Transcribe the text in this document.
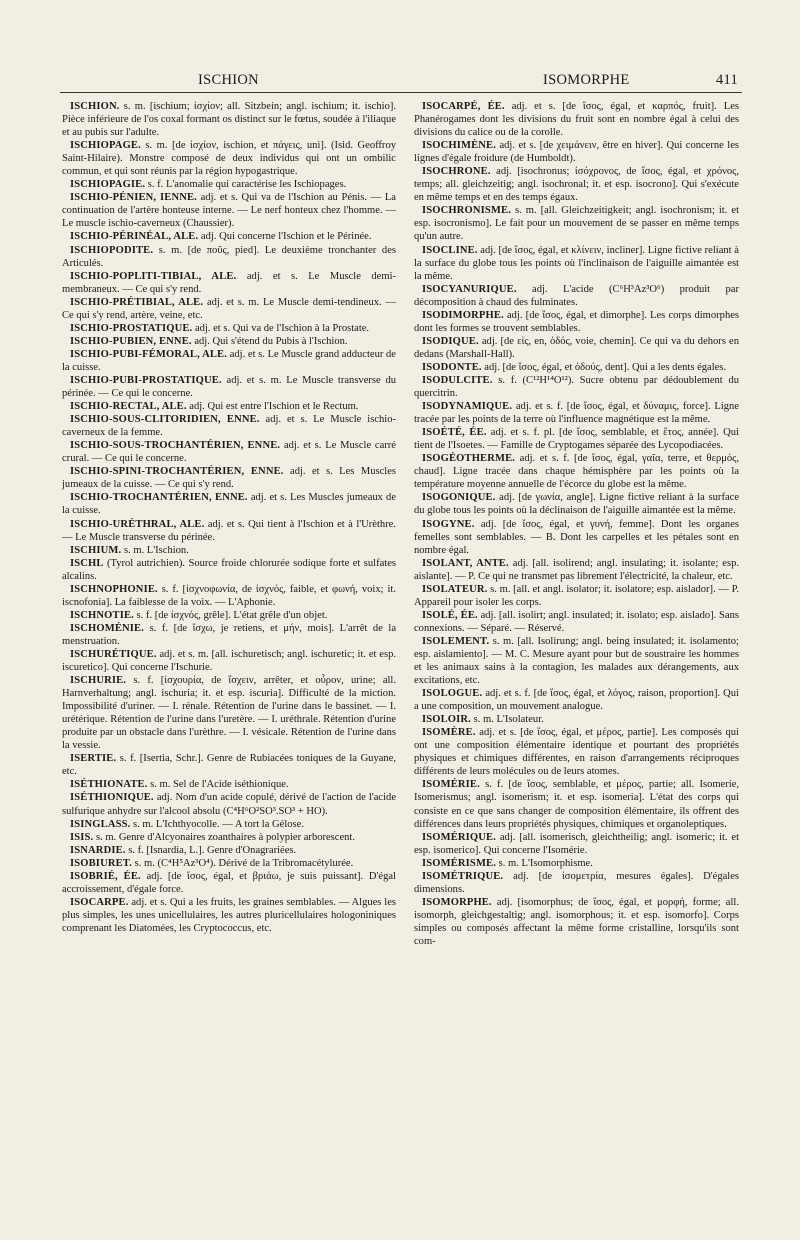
ISCHION	ISOMORPHE	411

ISCHION. s. m. [ischium; ἰσχίον; all. Sitzbein; angl. ischium; it. ischio]. Pièce inférieure de l'os coxal formant os distinct sur le fœtus, soudée à l'iliaque et au pubis sur l'adulte.

ISCHIOPAGE. s. m. [de ἰσχίον, ischion, et πάγεις, uni]. (Isid. Geoffroy Saint-Hilaire). Monstre composé de deux individus qui ont un ombilic commun, et qui sont réunis par la région hypogastrique.

ISCHIOPAGIE. s. f. L'anomalie qui caractérise les Ischiopages.

ISCHIO-PÉNIEN, IENNE. adj. et s. Qui va de l'Ischion au Pénis. — La continuation de l'artère honteuse interne. — Le nerf honteux chez l'homme. — Le muscle ischio-caverneux (Chaussier).

ISCHIO-PÉRINÉAL, ALE. adj. Qui concerne l'Ischion et le Périnée.

ISCHIOPODITE. s. m. [de ποῦς, pied]. Le deuxième tronchanter des Articulés.

ISCHIO-POPLITI-TIBIAL, ALE. adj. et s. Le Muscle demi-membraneux. — Ce qui s'y rend.

ISCHIO-PRÉTIBIAL, ALE. adj. et s. m. Le Muscle demi-tendineux. — Ce qui s'y rend, artère, veine, etc.

ISCHIO-PROSTATIQUE. adj. et s. Qui va de l'Ischion à la Prostate.

ISCHIO-PUBIEN, ENNE. adj. Qui s'étend du Pubis à l'Ischion.

ISCHIO-PUBI-FÉMORAL, ALE. adj. et s. Le Muscle grand adducteur de la cuisse.

ISCHIO-PUBI-PROSTATIQUE. adj. et s. m. Le Muscle transverse du périnée. — Ce qui le concerne.

ISCHIO-RECTAL, ALE. adj. Qui est entre l'Ischion et le Rectum.

ISCHIO-SOUS-CLITORIDIEN, ENNE. adj. et s. Le Muscle ischio-caverneux de la femme.

ISCHIO-SOUS-TROCHANTÉRIEN, ENNE. adj. et s. Le Muscle carré crural. — Ce qui le concerne.

ISCHIO-SPINI-TROCHANTÉRIEN, ENNE. adj. et s. Les Muscles jumeaux de la cuisse. — Ce qui s'y rend.

ISCHIO-TROCHANTÉRIEN, ENNE. adj. et s. Les Muscles jumeaux de la cuisse.

ISCHIO-URÉTHRAL, ALE. adj. et s. Qui tient à l'Ischion et à l'Urèthre. — Le Muscle transverse du périnée.

ISCHIUM. s. m. L'Ischion.

ISCHL (Tyrol autrichien). Source froide chlorurée sodique forte et sulfates alcalins.

ISCHNOPHONIE. s. f. [ἰσχνοφωνία, de ἰσχνός, faible, et φωνή, voix; it. iscnofonia]. La faiblesse de la voix. — L'Aphonie.

ISCHNOTIE. s. f. [de ἰσχνός, grêle]. L'état grêle d'un objet.

ISCHOMÉNIE. s. f. [de ἴσχω, je retiens, et μήν, mois]. L'arrêt de la menstruation.

ISCHURÉTIQUE. adj. et s. m. [all. ischuretisch; angl. ischuretic; it. et esp. iscuretico]. Qui concerne l'Ischurie.

ISCHURIE. s. f. [ἰσχουρία, de ἴσχειν, arrêter, et οὖρον, urine; all. Harnverhaltung; angl. ischuria; it. et esp. iscuria]. Difficulté de la miction. Impossibilité d'uriner. — I. rénale. Rétention de l'urine dans le bassinet. — I. urétérique. Rétention de l'urine dans l'uretère. — I. uréthrale. Rétention d'urine produite par un obstacle dans l'urèthre. — I. vésicale. Rétention de l'urine dans la vessie.

ISERTIE. s. f. [Isertia, Schr.]. Genre de Rubiacées toniques de la Guyane, etc.

ISÉTHIONATE. s. m. Sel de l'Acide iséthionique.

ISÉTHIONIQUE. adj. Nom d'un acide copulé, dérivé de l'action de l'acide sulfurique anhydre sur l'alcool absolu (C⁴H⁶O²SO³.SO³ + HO).

ISINGLASS. s. m. L'Ichthyocolle. — A tort la Gélose.

ISIS. s. m. Genre d'Alcyonaires zoanthaires à polypier arborescent.

ISNARDIE. s. f. [Isnardia, L.]. Genre d'Onagrariées.

ISOBIURET. s. m. (C⁴H⁵Az³O⁴). Dérivé de la Tribromacétylurée.

ISOBRIÉ, ÉE. adj. [de ἴσος, égal, et βριάω, je suis puissant]. D'égal accroissement, d'égale force.

ISOCARPE. adj. et s. Qui a les fruits, les graines semblables. — Algues les plus simples, les unes unicellulaires, les autres pluricellulaires hologoniniques comprenant les Diatomées, les Cryptococcus, etc.

ISOCARPÉ, ÉE. adj. et s. [de ἴσος, égal, et καρπός, fruit]. Les Phanérogames dont les divisions du fruit sont en nombre égal à celui des divisions du calice ou de la corolle.

ISOCHIMÈNE. adj. et s. [de χειμάνειν, être en hiver]. Qui concerne les lignes d'égale froidure (de Humboldt).

ISOCHRONE. adj. [isochronus; ἰσόχρονος, de ἴσος, égal, et χρόνος, temps; all. gleichzeitig; angl. isochronal; it. et esp. isocrono]. Qui s'exécute en même temps et en des temps égaux.

ISOCHRONISME. s. m. [all. Gleichzeitigkeit; angl. isochronism; it. et esp. isocronismo]. Le fait pour un mouvement de se passer en même temps qu'un autre.

ISOCLINE. adj. [de ἴσος, égal, et κλίνειν, incliner]. Ligne fictive reliant à la surface du globe tous les points où l'inclinaison de l'aiguille aimantée est la même.

ISOCYANURIQUE. adj. L'acide (C⁶H³Az³O⁶) produit par décomposition à chaud des fulminates.

ISODIMORPHE. adj. [de ἴσος, égal, et dimorphe]. Les corps dimorphes dont les formes se trouvent semblables.

ISODIQUE. adj. [de εἰς, en, ὁδός, voie, chemin]. Ce qui va du dehors en dedans (Marshall-Hall).

ISODONTE. adj. [de ἴσος, égal, et ὀδούς, dent]. Qui a les dents égales.

ISODULCITE. s. f. (C¹²H¹⁴O¹²). Sucre obtenu par dédoublement du quercitrin.

ISODYNAMIQUE. adj. et s. f. [de ἴσος, égal, et δύναμις, force]. Ligne tracée par les points de la terre où l'influence magnétique est la même.

ISOÉTÉ, ÉE. adj. et s. f. pl. [de ἴσος, semblable, et ἔτος, année]. Qui tient de l'Isoetes. — Famille de Cryptogames séparée des Lycopodiacées.

ISOGÉOTHERME. adj. et s. f. [de ἴσος, égal, γαῖα, terre, et θερμός, chaud]. Ligne tracée dans chaque hémisphère par les points où la température moyenne annuelle de l'écorce du globe est la même.

ISOGONIQUE. adj. [de γωνία, angle]. Ligne fictive reliant à la surface du globe tous les points où la déclinaison de l'aiguille aimantée est la même.

ISOGYNE. adj. [de ἴσος, égal, et γυνή, femme]. Dont les organes femelles sont semblables. — B. Dont les carpelles et les pétales sont en nombre égal.

ISOLANT, ANTE. adj. [all. isolirend; angl. insulating; it. isolante; esp. aislante]. — P. Ce qui ne transmet pas librement l'électricité, la chaleur, etc.

ISOLATEUR. s. m. [all. et angl. isolator; it. isolatore; esp. aislador]. — P. Appareil pour isoler les corps.

ISOLÉ, ÉE. adj. [all. isolirt; angl. insulated; it. isolato; esp. aislado]. Sans connexions. — Séparé. — Réservé.

ISOLEMENT. s. m. [all. Isolirung; angl. being insulated; it. isolamento; esp. aislamiento]. — M. C. Mesure ayant pour but de soustraire les hommes et les animaux sains à la contagion, les malades aux dérangements, aux excitations, etc.

ISOLOGUE. adj. et s. f. [de ἴσος, égal, et λόγος, raison, proportion]. Qui a une composition, un mouvement analogue.

ISOLOIR. s. m. L'Isolateur.

ISOMÈRE. adj. et s. [de ἴσος, égal, et μέρος, partie]. Les composés qui ont une composition élémentaire identique et pourtant des propriétés physiques et chimiques différentes, en raison d'arrangements réciproques différents de leurs molécules ou de leurs atomes.

ISOMÉRIE. s. f. [de ἴσος, semblable, et μέρος, partie; all. Isomerie, Isomerismus; angl. isomerism; it. et esp. isomeria]. L'état des corps qui consiste en ce que sans changer de composition élémentaire, ils offrent des différences dans leurs propriétés physiques, chimiques et organoleptiques.

ISOMÉRIQUE. adj. [all. isomerisch, gleichtheilig; angl. isomeric; it. et esp. isomerico]. Qui concerne l'Isomérie.

ISOMÉRISME. s. m. L'Isomorphisme.

ISOMÉTRIQUE. adj. [de ἰσομετρία, mesures égales]. D'égales dimensions.

ISOMORPHE. adj. [isomorphus; de ἴσος, égal, et μορφή, forme; all. isomorph, gleichgestaltig; angl. isomorphous; it. et esp. isomorfo]. Corps simples ou composés affectant la même forme cristalline, lorsqu'ils sont com-
